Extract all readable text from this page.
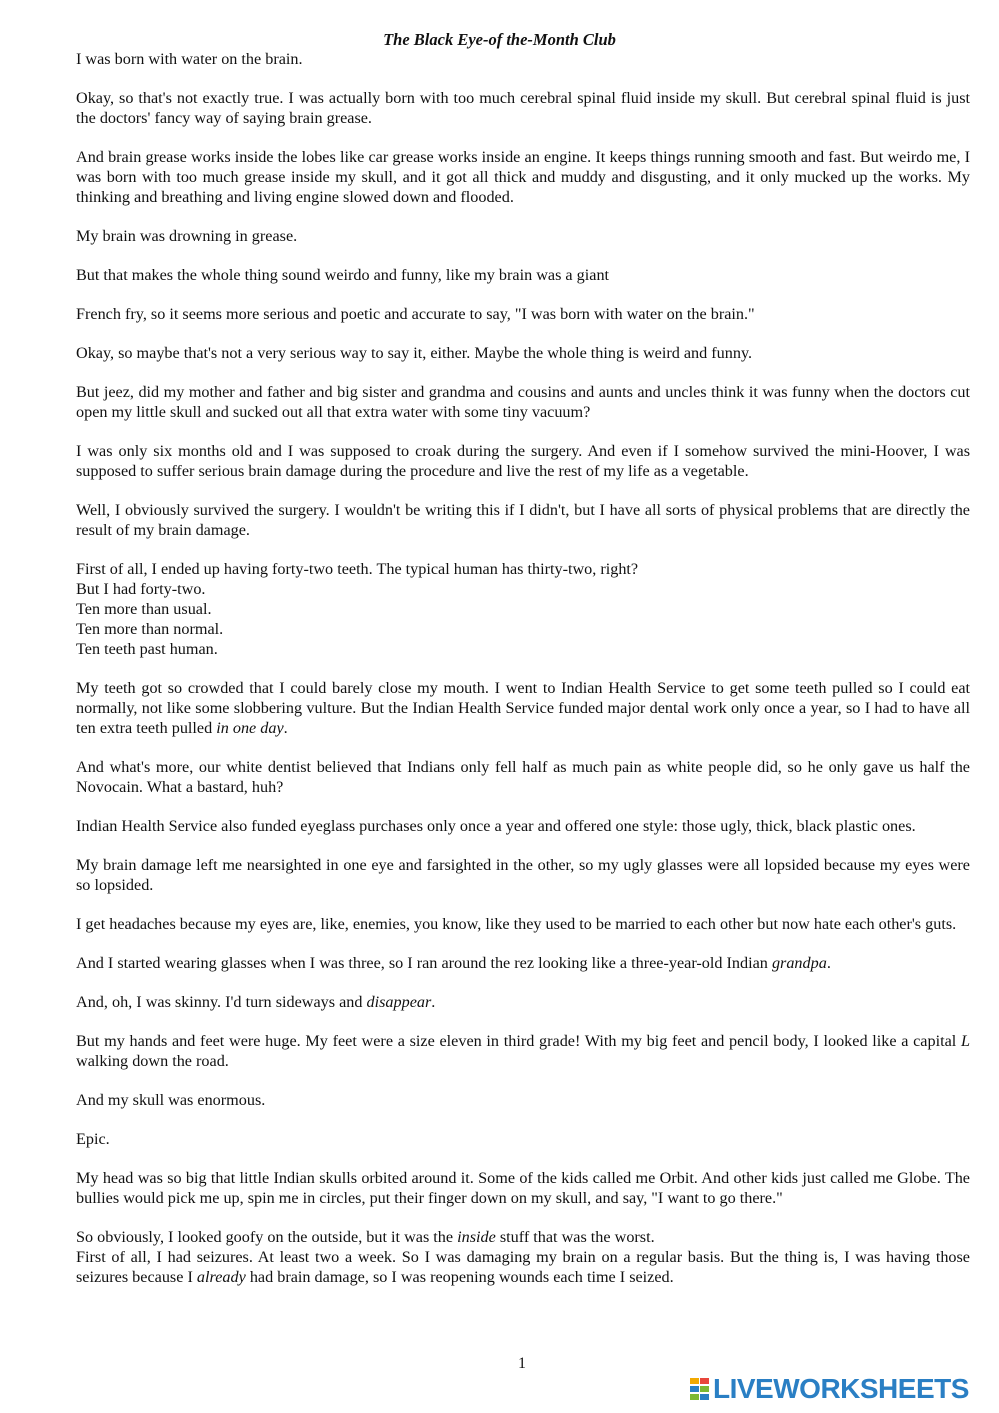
The Black Eye-of the-Month Club

I was born with water on the brain.

Okay, so that's not exactly true. I was actually born with too much cerebral spinal fluid inside my skull. But cerebral spinal fluid is just the doctors' fancy way of saying brain grease.

And brain grease works inside the lobes like car grease works inside an engine. It keeps things running smooth and fast. But weirdo me, I was born with too much grease inside my skull, and it got all thick and muddy and disgusting, and it only mucked up the works. My thinking and breathing and living engine slowed down and flooded.

My brain was drowning in grease.

But that makes the whole thing sound weirdo and funny, like my brain was a giant

French fry, so it seems more serious and poetic and accurate to say, "I was born with water on the brain."

Okay, so maybe that's not a very serious way to say it, either. Maybe the whole thing is weird and funny.

But jeez, did my mother and father and big sister and grandma and cousins and aunts and uncles think it was funny when the doctors cut open my little skull and sucked out all that extra water with some tiny vacuum?

I was only six months old and I was supposed to croak during the surgery. And even if I somehow survived the mini-Hoover, I was supposed to suffer serious brain damage during the procedure and live the rest of my life as a vegetable.

Well, I obviously survived the surgery. I wouldn't be writing this if I didn't, but I have all sorts of physical problems that are directly the result of my brain damage.

First of all, I ended up having forty-two teeth. The typical human has thirty-two, right?
But I had forty-two.
Ten more than usual.
Ten more than normal.
Ten teeth past human.

My teeth got so crowded that I could barely close my mouth. I went to Indian Health Service to get some teeth pulled so I could eat normally, not like some slobbering vulture. But the Indian Health Service funded major dental work only once a year, so I had to have all ten extra teeth pulled in one day.

And what's more, our white dentist believed that Indians only fell half as much pain as white people did, so he only gave us half the Novocain. What a bastard, huh?

Indian Health Service also funded eyeglass purchases only once a year and offered one style: those ugly, thick, black plastic ones.

My brain damage left me nearsighted in one eye and farsighted in the other, so my ugly glasses were all lopsided because my eyes were so lopsided.

I get headaches because my eyes are, like, enemies, you know, like they used to be married to each other but now hate each other's guts.

And I started wearing glasses when I was three, so I ran around the rez looking like a three-year-old Indian grandpa.

And, oh, I was skinny. I'd turn sideways and disappear.

But my hands and feet were huge. My feet were a size eleven in third grade! With my big feet and pencil body, I looked like a capital L walking down the road.

And my skull was enormous.

Epic.

My head was so big that little Indian skulls orbited around it. Some of the kids called me Orbit. And other kids just called me Globe. The bullies would pick me up, spin me in circles, put their finger down on my skull, and say, "I want to go there."

So obviously, I looked goofy on the outside, but it was the inside stuff that was the worst.

First of all, I had seizures. At least two a week. So I was damaging my brain on a regular basis. But the thing is, I was having those seizures because I already had brain damage, so I was reopening wounds each time I seized.

1

LIVEWORKSHEETS
